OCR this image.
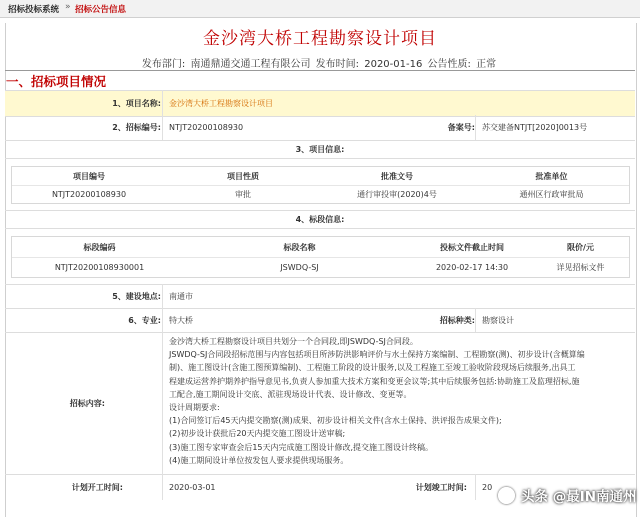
招标投标系统 » 招标公告信息
金沙湾大桥工程勘察设计项目
发布部门: 南通鼎通交通工程有限公司 发布时间: 2020-01-16 公告性质: 正常
一、招标项目情况
1、项目名称:	金沙湾大桥工程勘察设计项目
2、招标编号:	NTJT20200108930	备案号: 苏交建备NTJT[2020]0013号
3、项目信息:
项目编号	项目性质	批准文号	批准单位
NTJT20200108930	审批	通行审投审(2020)4号	通州区行政审批局
4、标段信息:
标段编码	标段名称	投标文件截止时间	限价/元
NTJT20200108930001	JSWDQ-SJ	2020-02-17 14:30	详见招标文件
5、建设地点:	南通市
6、专业:	特大桥	招标种类: 勘察设计
招标内容:
金沙湾大桥工程勘察设计项目共划分一个合同段,即JSWDQ-SJ合同段。
JSWDQ-SJ合同段招标范围与内容包括项目所涉防洪影响评价与水土保持方案编制、工程勘察(测)、初步设计(含概算编
制)、施工图设计(含施工图预算编制)、工程施工阶段的设计服务,以及工程施工至竣工验收阶段现场后续服务,出具工
程建成运营养护期养护指导意见书,负责人参加重大技术方案和变更会议等;其中后续服务包括:协助施工及监理招标,施
工配合,施工期间设计交底、派驻现场设计代表、设计修改、变更等。
设计周期要求:
(1)合同签订后45天内提交勘察(测)成果、初步设计相关文件(含水土保持、洪评报告成果文件);
(2)初步设计获批后20天内提交施工图设计送审稿;
(3)施工图专家审查会后15天内完成施工图设计修改,提交施工图设计终稿。
(4)施工期间设计单位按发包人要求提供现场服务。
计划开工时间:	2020-03-01	计划竣工时间:	20
头条 @最IN南通州
